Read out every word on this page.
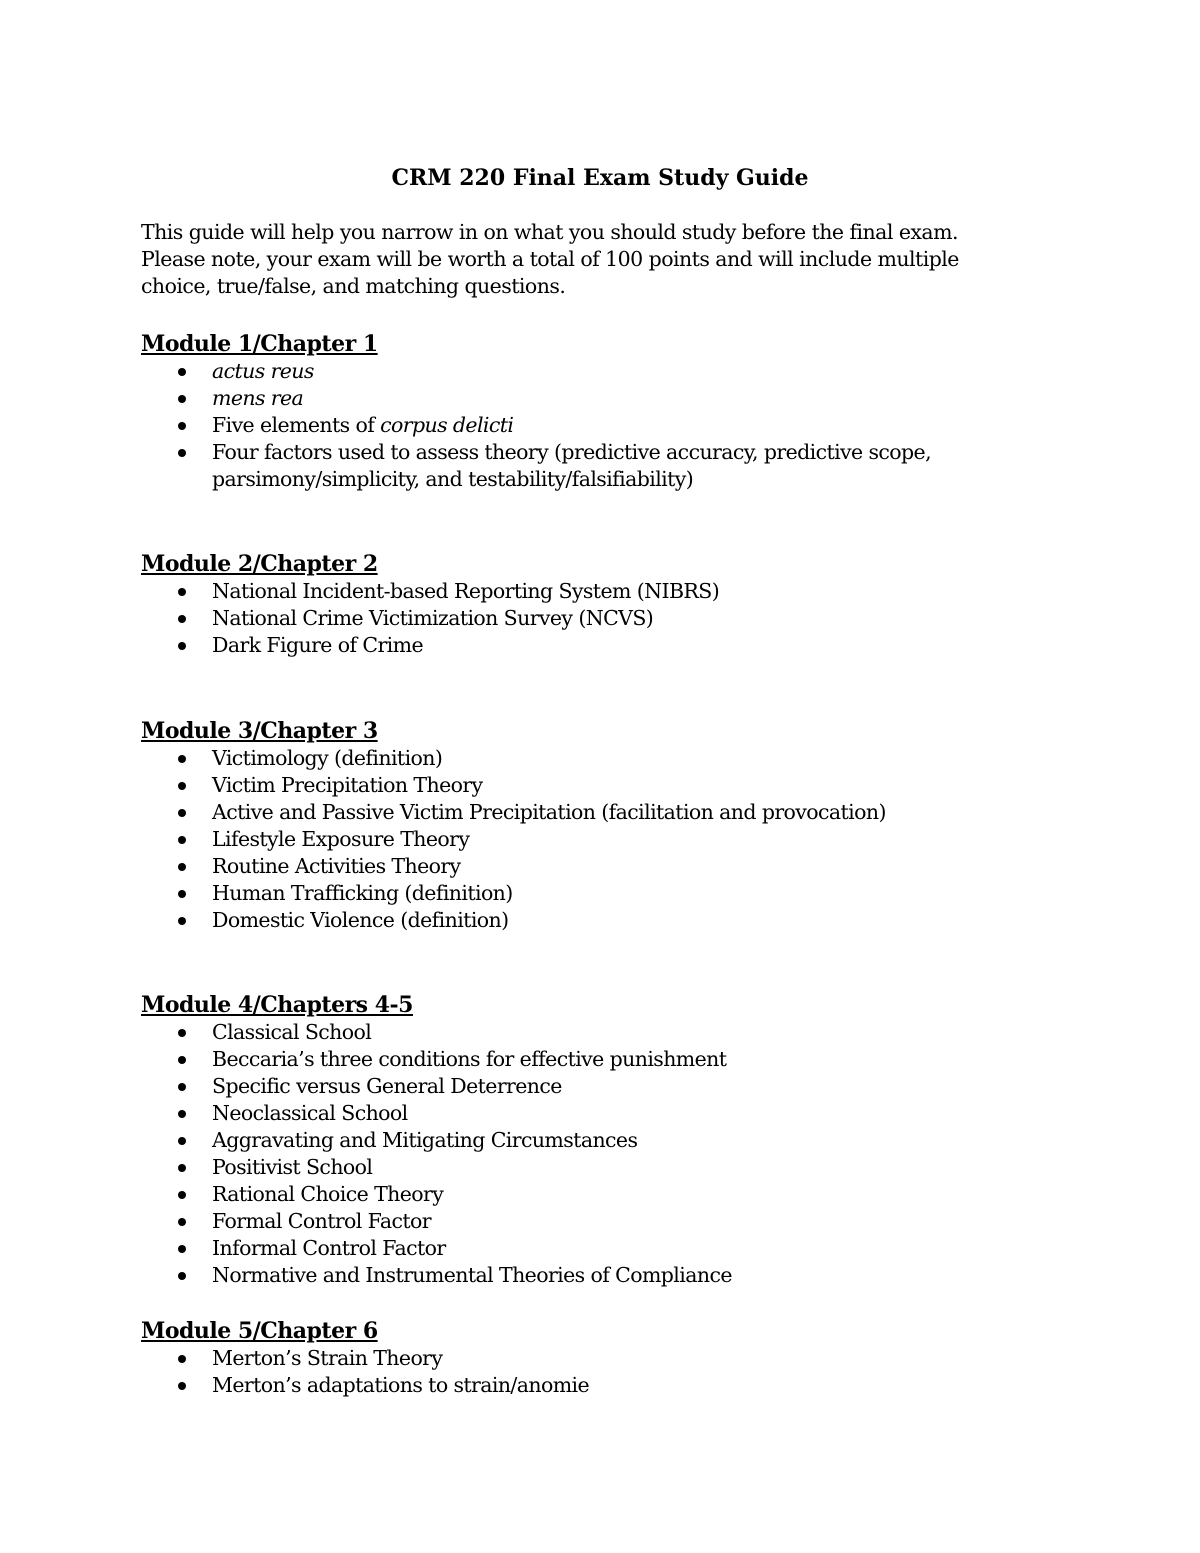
CRM 220 Final Exam Study Guide

This guide will help you narrow in on what you should study before the final exam.
Please note, your exam will be worth a total of 100 points and will include multiple
choice, true/false, and matching questions.

Module 1/Chapter 1
actus reus
mens rea
Five elements of corpus delicti
Four factors used to assess theory (predictive accuracy, predictive scope,
parsimony/simplicity, and testability/falsifiability)
Module 2/Chapter 2
National Incident-based Reporting System (NIBRS)
National Crime Victimization Survey (NCVS)
Dark Figure of Crime
Module 3/Chapter 3
Victimology (definition)
Victim Precipitation Theory
Active and Passive Victim Precipitation (facilitation and provocation)
Lifestyle Exposure Theory
Routine Activities Theory
Human Trafficking (definition)
Domestic Violence (definition)
Module 4/Chapters 4-5
Classical School
Beccaria’s three conditions for effective punishment
Specific versus General Deterrence
Neoclassical School
Aggravating and Mitigating Circumstances
Positivist School
Rational Choice Theory
Formal Control Factor
Informal Control Factor
Normative and Instrumental Theories of Compliance
Module 5/Chapter 6
Merton’s Strain Theory
Merton’s adaptations to strain/anomie
